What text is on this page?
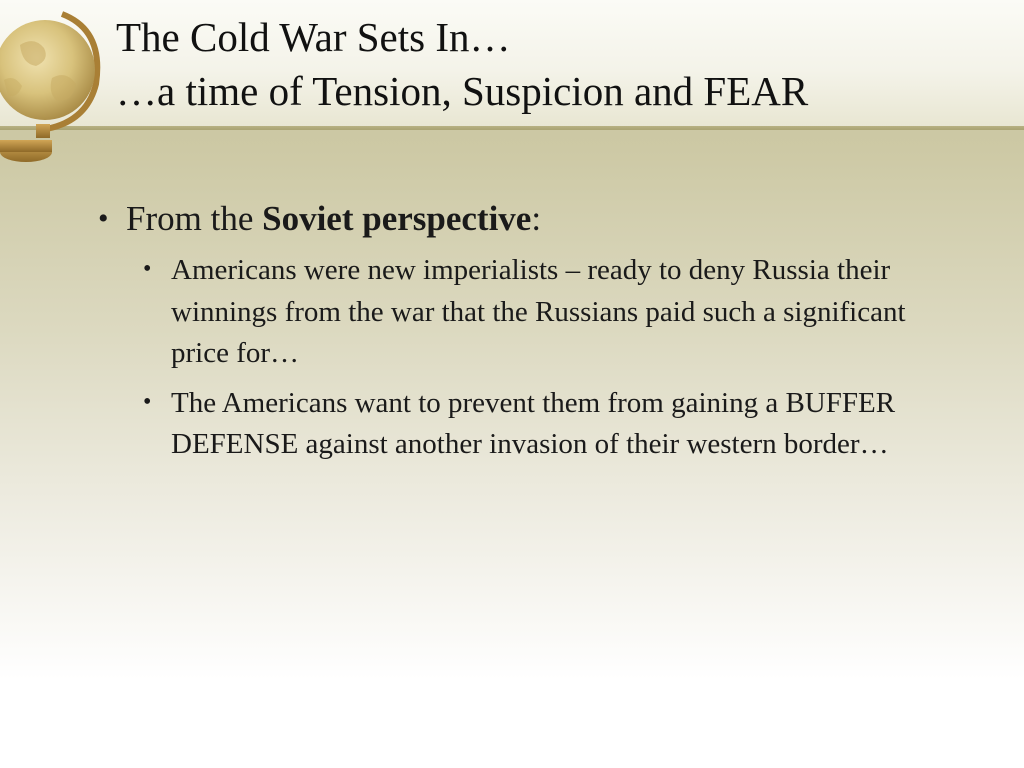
The Cold War Sets In…
…a time of Tension, Suspicion and FEAR
• From the Soviet perspective:
• Americans were new imperialists – ready to deny Russia their winnings from the war that the Russians paid such a significant price for…
• The Americans want to prevent them from gaining a BUFFER DEFENSE against another invasion of their western border…
